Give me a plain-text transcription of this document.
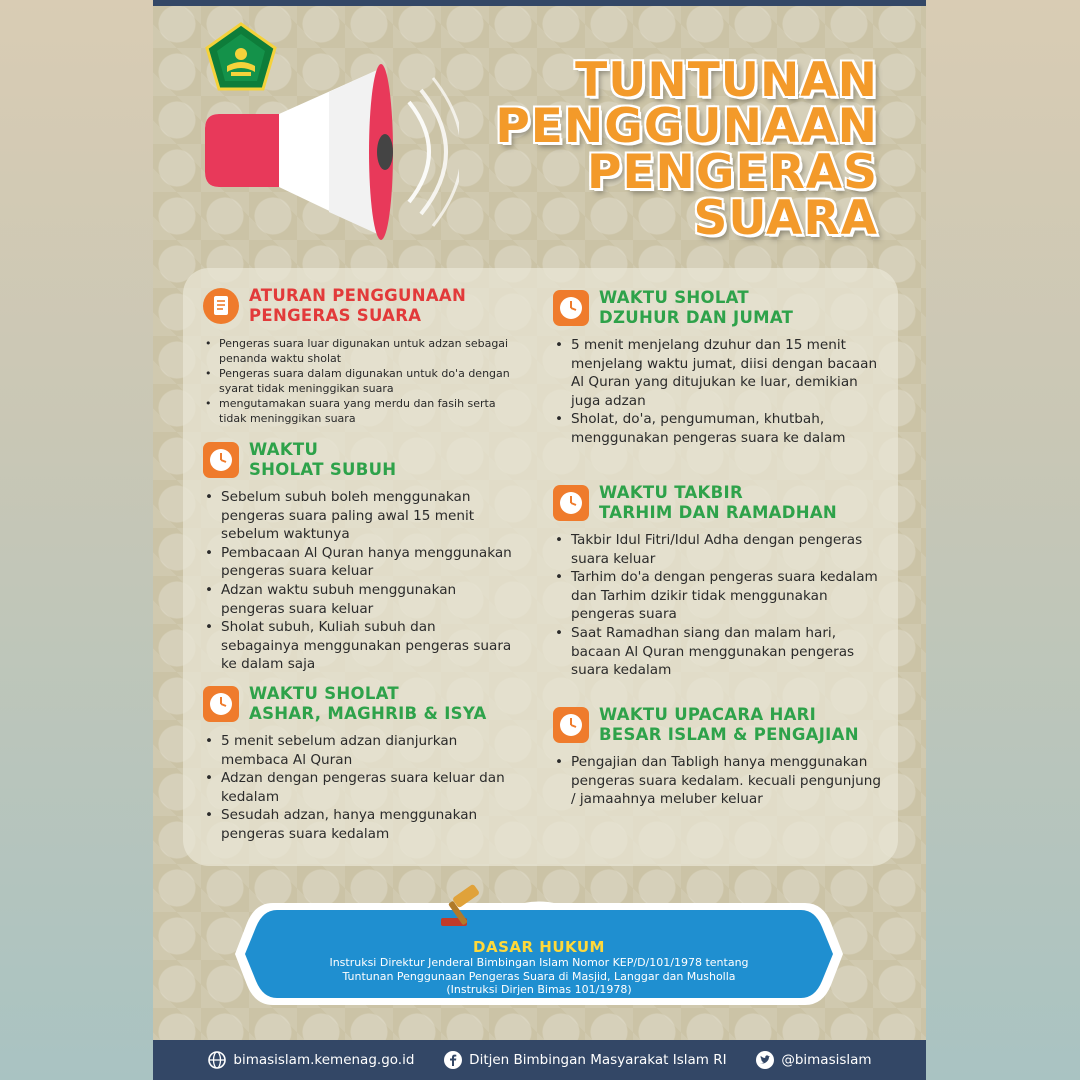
TUNTUNAN
PENGGUNAAN
PENGERAS
SUARA
ATURAN PENGGUNAAN
PENGERAS SUARA
• Pengeras suara luar digunakan untuk adzan sebagai penanda waktu sholat
• Pengeras suara dalam digunakan untuk do'a dengan syarat tidak meninggikan suara
• mengutamakan suara yang merdu dan fasih serta tidak meninggikan suara
WAKTU
SHOLAT SUBUH
• Sebelum subuh boleh menggunakan pengeras suara paling awal 15 menit sebelum waktunya
• Pembacaan Al Quran hanya menggunakan pengeras suara keluar
• Adzan waktu subuh menggunakan pengeras suara keluar
• Sholat subuh, Kuliah subuh dan sebagainya menggunakan pengeras suara ke dalam saja
WAKTU SHOLAT
ASHAR, MAGHRIB & ISYA
• 5 menit sebelum adzan dianjurkan membaca Al Quran
• Adzan dengan pengeras suara keluar dan kedalam
• Sesudah adzan, hanya menggunakan pengeras suara kedalam
WAKTU SHOLAT
DZUHUR DAN JUMAT
• 5 menit menjelang dzuhur dan 15 menit menjelang waktu jumat, diisi dengan bacaan Al Quran yang ditujukan ke luar, demikian juga adzan
• Sholat, do'a, pengumuman, khutbah, menggunakan pengeras suara ke dalam
WAKTU TAKBIR
TARHIM DAN RAMADHAN
• Takbir Idul Fitri/Idul Adha dengan pengeras suara keluar
• Tarhim do'a dengan pengeras suara kedalam dan Tarhim dzikir tidak menggunakan pengeras suara
• Saat Ramadhan siang dan malam hari, bacaan Al Quran menggunakan pengeras suara kedalam
WAKTU UPACARA HARI
BESAR ISLAM & PENGAJIAN
• Pengajian dan Tabligh hanya menggunakan pengeras suara kedalam. kecuali pengunjung / jamaahnya meluber keluar
DASAR HUKUM
Instruksi Direktur Jenderal Bimbingan Islam Nomor KEP/D/101/1978 tentang
Tuntunan Penggunaan Pengeras Suara di Masjid, Langgar dan Musholla
(Instruksi Dirjen Bimas 101/1978)
bimasislam.kemenag.go.id	Ditjen Bimbingan Masyarakat Islam RI	@bimasislam
